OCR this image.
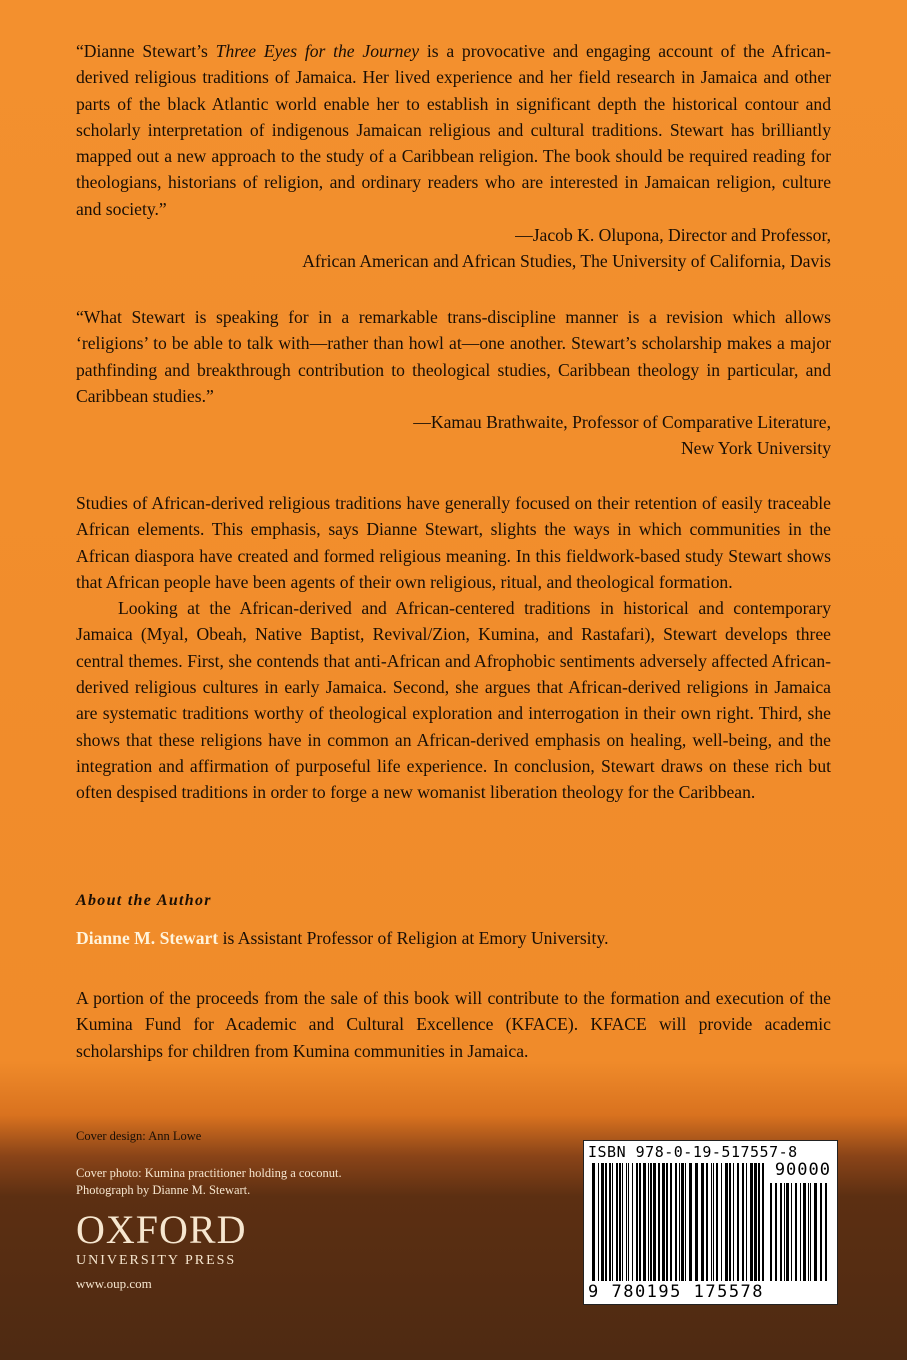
“Dianne Stewart’s Three Eyes for the Journey is a provocative and engaging account of the African-derived religious traditions of Jamaica. Her lived experience and her field research in Jamaica and other parts of the black Atlantic world enable her to establish in significant depth the historical contour and scholarly interpretation of indigenous Jamaican religious and cultural traditions. Stewart has brilliantly mapped out a new approach to the study of a Caribbean religion. The book should be required reading for theologians, historians of religion, and ordinary readers who are interested in Jamaican religion, culture and society.”

—Jacob K. Olupona, Director and Professor,

African American and African Studies, The University of California, Davis

“What Stewart is speaking for in a remarkable trans-discipline manner is a revision which allows ‘religions’ to be able to talk with—rather than howl at—one another. Stewart’s scholarship makes a major pathfinding and breakthrough contribution to theological studies, Caribbean theology in particular, and Caribbean studies.”

—Kamau Brathwaite, Professor of Comparative Literature,

New York University

Studies of African-derived religious traditions have generally focused on their retention of easily traceable African elements. This emphasis, says Dianne Stewart, slights the ways in which communities in the African diaspora have created and formed religious meaning. In this fieldwork-based study Stewart shows that African people have been agents of their own religious, ritual, and theological formation.

Looking at the African-derived and African-centered traditions in historical and contemporary Jamaica (Myal, Obeah, Native Baptist, Revival/Zion, Kumina, and Rastafari), Stewart develops three central themes. First, she contends that anti-African and Afrophobic sentiments adversely affected African-derived religious cultures in early Jamaica. Second, she argues that African-derived religions in Jamaica are systematic traditions worthy of theological exploration and interrogation in their own right. Third, she shows that these religions have in common an African-derived emphasis on healing, well-being, and the integration and affirmation of purposeful life experience. In conclusion, Stewart draws on these rich but often despised traditions in order to forge a new womanist liberation theology for the Caribbean.

About the Author
Dianne M. Stewart is Assistant Professor of Religion at Emory University.

A portion of the proceeds from the sale of this book will contribute to the formation and execution of the Kumina Fund for Academic and Cultural Excellence (KFACE). KFACE will provide academic scholarships for children from Kumina communities in Jamaica.

Cover design: Ann Lowe
Cover photo: Kumina practitioner holding a coconut.
Photograph by Dianne M. Stewart.
OXFORD
UNIVERSITY PRESS
www.oup.com
ISBN 978-0-19-517557-8
90000
9 780195 175578
